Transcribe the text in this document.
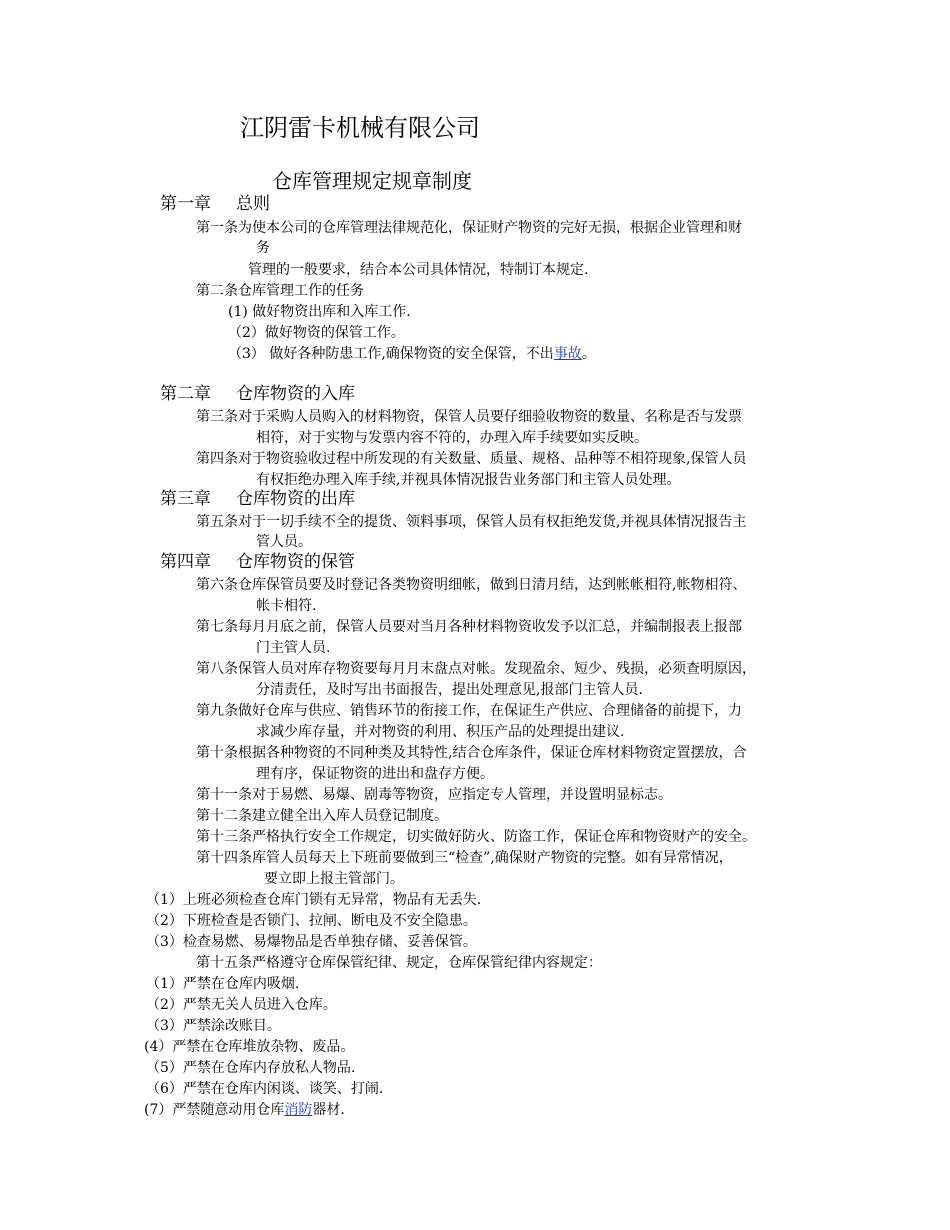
江阴雷卡机械有限公司
仓库管理规定规章制度
第一章 总则
第一条为使本公司的仓库管理法律规范化，保证财产物资的完好无损，根据企业管理和财
务
管理的一般要求，结合本公司具体情况，特制订本规定.
第二条仓库管理工作的任务
(1) 做好物资出库和入库工作.
（2）做好物资的保管工作。
（3） 做好各种防患工作,确保物资的安全保管，不出事故。
第二章 仓库物资的入库
第三条对于采购人员购入的材料物资，保管人员要仔细验收物资的数量、名称是否与发票
相符，对于实物与发票内容不符的，办理入库手续要如实反映。
第四条对于物资验收过程中所发现的有关数量、质量、规格、品种等不相符现象,保管人员
有权拒绝办理入库手续,并视具体情况报告业务部门和主管人员处理。
第三章 仓库物资的出库
第五条对于一切手续不全的提货、领料事项，保管人员有权拒绝发货,并视具体情况报告主
管人员。
第四章 仓库物资的保管
第六条仓库保管员要及时登记各类物资明细帐，做到日清月结，达到帐帐相符,帐物相符、
帐卡相符.
第七条每月月底之前，保管人员要对当月各种材料物资收发予以汇总，并编制报表上报部
门主管人员.
第八条保管人员对库存物资要每月月末盘点对帐。发现盈余、短少、残损，必须查明原因，
分清责任，及时写出书面报告，提出处理意见,报部门主管人员.
第九条做好仓库与供应、销售环节的衔接工作，在保证生产供应、合理储备的前提下，力
求减少库存量，并对物资的利用、积压产品的处理提出建议.
第十条根据各种物资的不同种类及其特性,结合仓库条件，保证仓库材料物资定置摆放，合
理有序，保证物资的进出和盘存方便。
第十一条对于易燃、易爆、剧毒等物资，应指定专人管理，并设置明显标志。
第十二条建立健全出入库人员登记制度。
第十三条严格执行安全工作规定，切实做好防火、防盗工作，保证仓库和物资财产的安全。
第十四条库管人员每天上下班前要做到三“检查”,确保财产物资的完整。如有异常情况，
要立即上报主管部门。
（1）上班必须检查仓库门锁有无异常，物品有无丢失.
（2）下班检查是否锁门、拉闸、断电及不安全隐患。
（3）检查易燃、易爆物品是否单独存储、妥善保管。
第十五条严格遵守仓库保管纪律、规定，仓库保管纪律内容规定：
（1）严禁在仓库内吸烟.
（2）严禁无关人员进入仓库。
（3）严禁涂改账目。
(4）严禁在仓库堆放杂物、废品。
（5）严禁在仓库内存放私人物品.
（6）严禁在仓库内闲谈、谈笑、打闹.
(7）严禁随意动用仓库消防器材.
